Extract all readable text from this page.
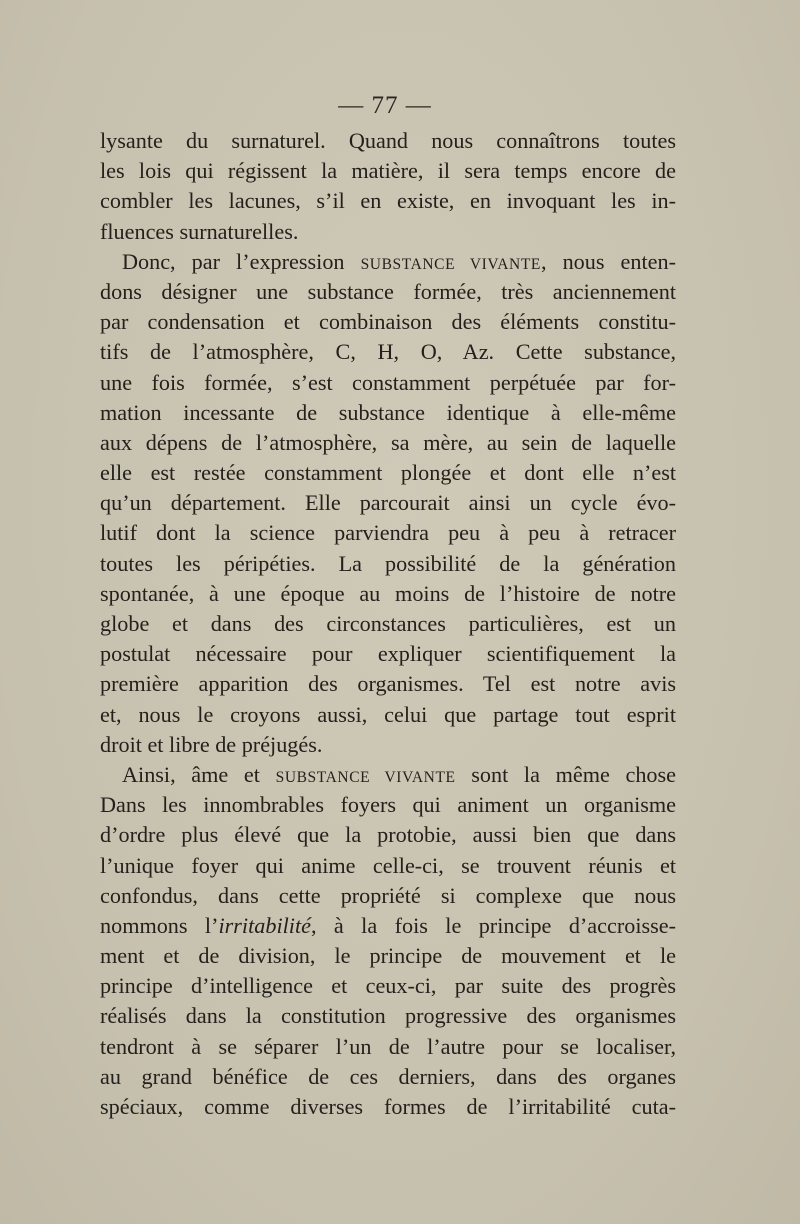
— 77 —
lysante du surnaturel. Quand nous connaîtrons toutes
les lois qui régissent la matière, il sera temps encore de
combler les lacunes, s’il en existe, en invoquant les in-
fluences surnaturelles.
Donc, par l’expression SUBSTANCE VIVANTE, nous enten-
dons désigner une substance formée, très anciennement
par condensation et combinaison des éléments constitu-
tifs de l’atmosphère, C, H, O, Az. Cette substance,
une fois formée, s’est constamment perpétuée par for-
mation incessante de substance identique à elle-même
aux dépens de l’atmosphère, sa mère, au sein de laquelle
elle est restée constamment plongée et dont elle n’est
qu’un département. Elle parcourait ainsi un cycle évo-
lutif dont la science parviendra peu à peu à retracer
toutes les péripéties. La possibilité de la génération
spontanée, à une époque au moins de l’histoire de notre
globe et dans des circonstances particulières, est un
postulat nécessaire pour expliquer scientifiquement la
première apparition des organismes. Tel est notre avis
et, nous le croyons aussi, celui que partage tout esprit
droit et libre de préjugés.
Ainsi, âme et SUBSTANCE VIVANTE sont la même chose
Dans les innombrables foyers qui animent un organisme
d’ordre plus élevé que la protobie, aussi bien que dans
l’unique foyer qui anime celle-ci, se trouvent réunis et
confondus, dans cette propriété si complexe que nous
nommons l’irritabilité, à la fois le principe d’accroisse-
ment et de division, le principe de mouvement et le
principe d’intelligence et ceux-ci, par suite des progrès
réalisés dans la constitution progressive des organismes
tendront à se séparer l’un de l’autre pour se localiser,
au grand bénéfice de ces derniers, dans des organes
spéciaux, comme diverses formes de l’irritabilité cuta-
